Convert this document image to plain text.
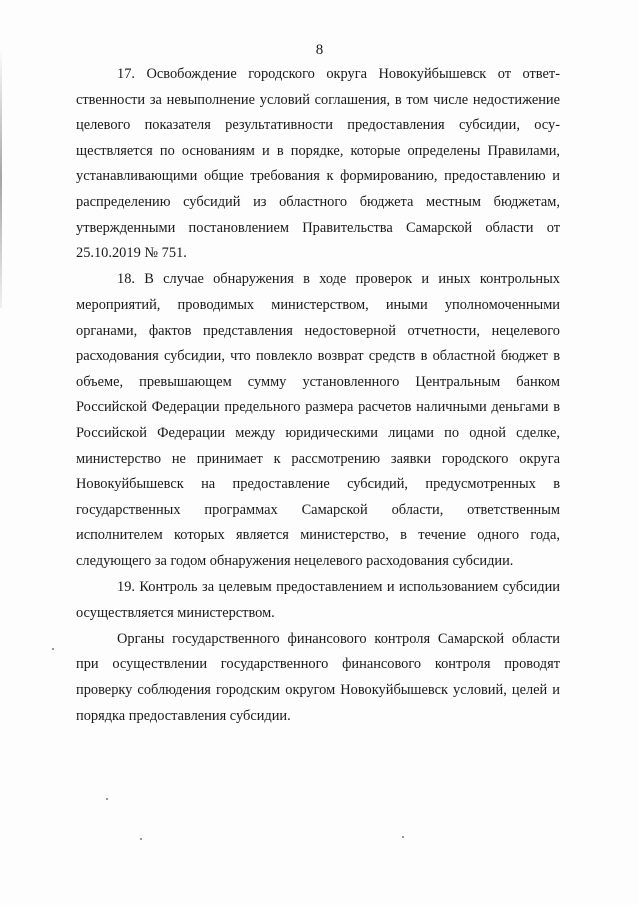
8

17. Освобождение городского округа Новокуйбышевск от ответственности за невыполнение условий соглашения, в том числе недостижение целевого показателя результативности предоставления субсидии, осуществляется по основаниям и в порядке, которые определены Правилами, устанавливающими общие требования к формированию, предоставлению и распределению субсидий из областного бюджета местным бюджетам, утвержденными постановлением Правительства Самарской области от 25.10.2019 № 751.

18. В случае обнаружения в ходе проверок и иных контрольных мероприятий, проводимых министерством, иными уполномоченными органами, фактов представления недостоверной отчетности, нецелевого расходования субсидии, что повлекло возврат средств в областной бюджет в объеме, превышающем сумму установленного Центральным банком Российской Федерации предельного размера расчетов наличными деньгами в Российской Федерации между юридическими лицами по одной сделке, министерство не принимает к рассмотрению заявки городского округа Новокуйбышевск на предоставление субсидий, предусмотренных в государственных программах Самарской области, ответственным исполнителем которых является министерство, в течение одного года, следующего за годом обнаружения нецелевого расходования субсидии.

19. Контроль за целевым предоставлением и использованием субсидии осуществляется министерством.

Органы государственного финансового контроля Самарской области при осуществлении государственного финансового контроля проводят проверку соблюдения городским округом Новокуйбышевск условий, целей и порядка предоставления субсидии.
